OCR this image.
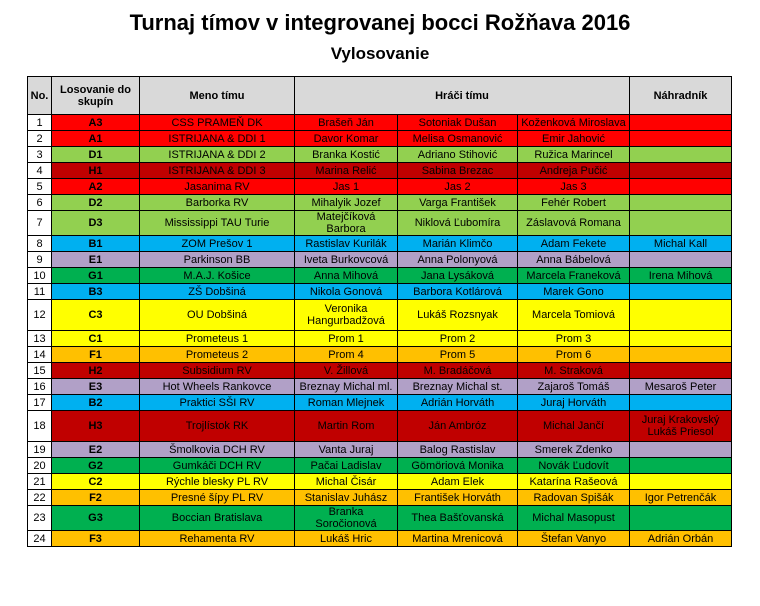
Turnaj tímov v integrovanej bocci Rožňava 2016
Vylosovanie
No.	Losovanie do skupín	Meno tímu	Hráči tímu			Náhradník
1	A3	CSS PRAMEŇ DK	Brašeň Ján	Sotoniak Dušan	Koženková Miroslava	
2	A1	ISTRIJANA & DDI 1	Davor Komar	Melisa Osmanović	Emir Jahović	
3	D1	ISTRIJANA & DDI 2	Branka Kostić	Adriano Stihović	Ružica Marincel	
4	H1	ISTRIJANA & DDI 3	Marina Relić	Sabina Brezac	Andreja Pučić	
5	A2	Jasanima RV	Jas 1	Jas 2	Jas 3	
6	D2	Barborka RV	Mihalyik Jozef	Varga František	Fehér Robert	
7	D3	Mississippi TAU Turie	Matejčíková Barbora	Niklová Ľubomíra	Záslavová Romana	
8	B1	ZOM Prešov 1	Rastislav Kurilák	Marián Klimčo	Adam Fekete	Michal Kall
9	E1	Parkinson BB	Iveta Burkovcová	Anna Polonyová	Anna Bábelová	
10	G1	M.A.J. Košice	Anna Mihová	Jana Lysáková	Marcela Franeková	Irena Mihová
11	B3	ZŠ Dobšiná	Nikola Gonová	Barbora Kotlárová	Marek Gono	
12	C3	OU Dobšiná	Veronika Hangurbadžová	Lukáš Rozsnyak	Marcela Tomiová	
13	C1	Prometeus 1	Prom 1	Prom 2	Prom 3	
14	F1	Prometeus 2	Prom 4	Prom 5	Prom 6	
15	H2	Subsidium RV	V. Žillová	M. Bradáčová	M. Straková	
16	E3	Hot Wheels Rankovce	Breznay Michal ml.	Breznay Michal st.	Zajaroš Tomáš	Mesaroš Peter
17	B2	Praktici SŠI RV	Roman Mlejnek	Adrián Horváth	Juraj Horváth	
18	H3	Trojlístok RK	Martin Rom	Ján Ambróz	Michal Jančí	Juraj Krakovský Lukáš Priesol
19	E2	Šmolkovia DCH RV	Vanta Juraj	Balog Rastislav	Smerek Zdenko	
20	G2	Gumkáči DCH RV	Pačai Ladislav	Gömöriová Monika	Novák Ľudovít	
21	C2	Rýchle blesky PL RV	Michal Čisár	Adam Elek	Katarína Rašeová	
22	F2	Presné šípy PL RV	Stanislav Juhász	František Horváth	Radovan Spišák	Igor Petrenčák
23	G3	Boccian Bratislava	Branka Soročionová	Thea Bašťovanská	Michal Masopust	
24	F3	Rehamenta RV	Lukáš Hric	Martina Mrenicová	Štefan Vanyo	Adrián Orbán
